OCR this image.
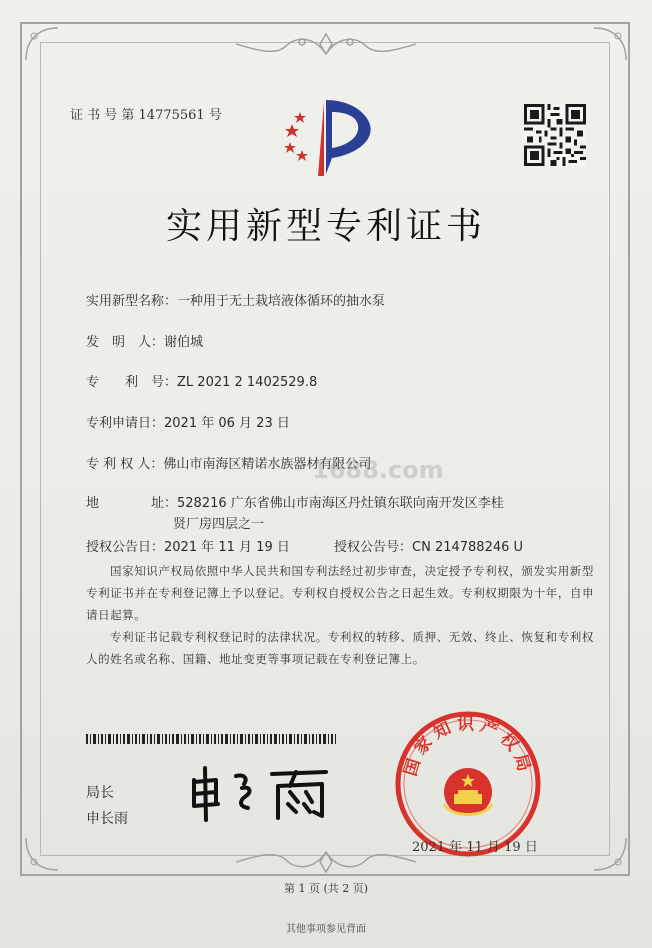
证 书 号 第 14775561 号
实用新型专利证书
实用新型名称：一种用于无土栽培液体循环的抽水泵
发　明　人：谢伯城
专　　利　号：ZL 2021 2 1402529.8
专利申请日：2021 年 06 月 23 日
专 利 权 人：佛山市南海区精诺水族器材有限公司
地　　　　址：528216 广东省佛山市南海区丹灶镇东联向南开发区李桂
贤厂房四层之一
授权公告日：2021 年 11 月 19 日	授权公告号：CN 214788246 U
1688.com
国家知识产权局依照中华人民共和国专利法经过初步审查，决定授予专利权，颁发实用新型专利证书并在专利登记簿上予以登记。专利权自授权公告之日起生效。专利权期限为十年，自申请日起算。
专利证书记载专利权登记时的法律状况。专利权的转移、质押、无效、终止、恢复和专利权人的姓名或名称、国籍、地址变更等事项记载在专利登记簿上。
局长
申长雨
国家知识产权局
2021 年 11 月 19 日
第 1 页 (共 2 页)
其他事项参见背面
